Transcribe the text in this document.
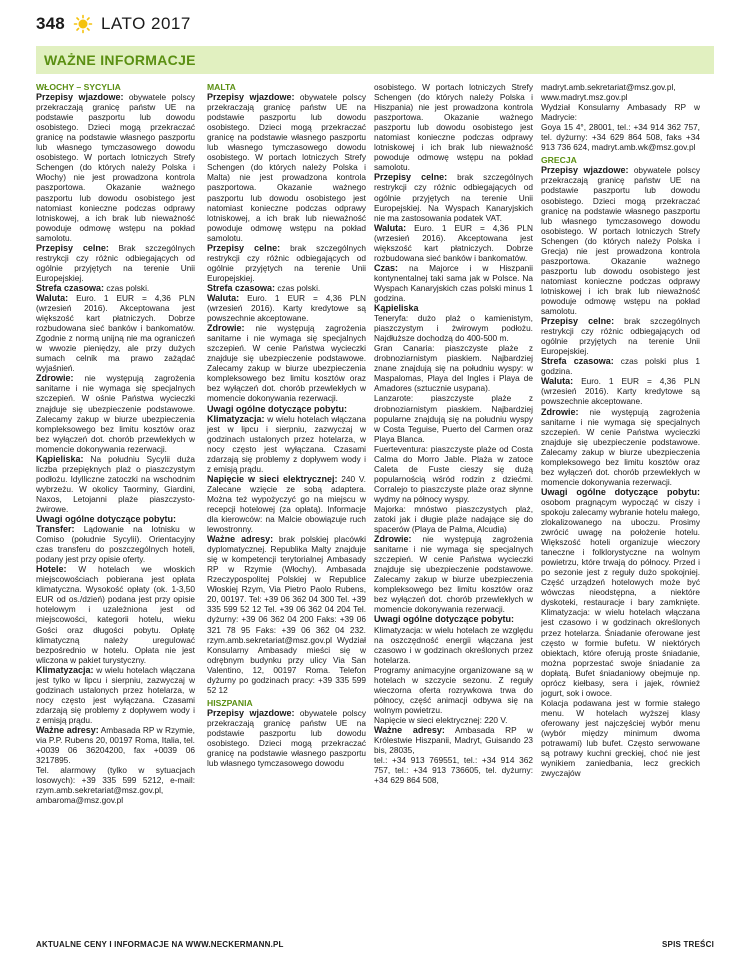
348 LATO 2017
WAŻNE INFORMACJE

WŁOCHY – SYCYLIA

Przepisy wjazdowe: obywatele polscy przekraczają granicę państw UE na podstawie paszportu lub dowodu osobistego. Dzieci mogą przekraczać granicę na podstawie własnego paszportu lub własnego tymczasowego dowodu osobistego. W portach lotniczych Strefy Schengen (do których należy Polska i Włochy) nie jest prowadzona kontrola paszportowa. Okazanie ważnego paszportu lub dowodu osobistego jest natomiast konieczne podczas odprawy lotniskowej, a ich brak lub nieważność powoduje odmowę wstępu na pokład samolotu.

Przepisy celne: Brak szczególnych restrykcji czy różnic odbiegających od ogólnie przyjętych na terenie Unii Europejskiej.

Strefa czasowa: czas polski.

Waluta: Euro. 1 EUR = 4,36 PLN (wrzesień 2016). Akceptowana jest większość kart płatniczych. Dobrze rozbudowana sieć banków i bankomatów. Zgodnie z normą unijną nie ma ograniczeń w wwozie pieniędzy, ale przy dużych sumach celnik ma prawo zażądać wyjaśnień.

Zdrowie: nie występują zagrożenia sanitarne i nie wymaga się specjalnych szczepień. W ośnie Państwa wycieczki znajduje się ubezpieczenie podstawowe. Zalecamy zakup w biurze ubezpieczenia kompleksowego bez limitu kosztów oraz bez wyłączeń dot. chorób przewlekłych w momencie dokonywania rezerwacji.

Kąpieliska: Na południu Sycylii duża liczba przepięknych plaż o piaszczystym podłożu. Idylliczne zatoczki na wschodnim wybrzeżu. W okolicy Taorminy, Giardini, Naxos, Letojanni plaże piaszczysto-żwirowe.

Uwagi ogólne dotyczące pobytu:

Transfer: Lądowanie na lotnisku w Comiso (południe Sycylii). Orientacyjny czas transferu do poszczególnych hoteli, podany jest przy opisie oferty.

Hotele: W hotelach we włoskich miejscowościach pobierana jest opłata klimatyczna. Wysokość opłaty (ok. 1-3,50 EUR od os./dzień) podana jest przy opisie hotelowym i uzależniona jest od miejscowości, kategorii hotelu, wieku Gości oraz długości pobytu. Opłatę klimatyczną należy uregulować bezpośrednio w hotelu. Opłata nie jest wliczona w pakiet turystyczny.

Klimatyzacja: w wielu hotelach włączana jest tylko w lipcu i sierpniu, zazwyczaj w godzinach ustalonych przez hotelarza, w nocy często jest wyłączana. Czasami zdarzają się problemy z dopływem wody i z emisją prądu.

Ważne adresy: Ambasada RP w Rzymie, via P.P. Rubens 20, 00197 Roma, Italia, tel. +0039 06 36204200, fax +0039 06 3217895.
Tel. alarmowy (tylko w sytuacjach losowych): +39 335 599 5212, e-mail: rzym.amb.sekretariat@msz.gov.pl, ambaroma@msz.gov.pl

MALTA

Przepisy wjazdowe: obywatele polscy przekraczają granicę państw UE na podstawie paszportu lub dowodu osobistego. Dzieci mogą przekraczać granicę na podstawie własnego paszportu lub własnego tymczasowego dowodu osobistego. W portach lotniczych Strefy Schengen (do których należy Polska i Malta) nie jest prowadzona kontrola paszportowa. Okazanie ważnego paszportu lub dowodu osobistego jest natomiast konieczne podczas odprawy lotniskowej, a ich brak lub nieważność powoduje odmowę wstępu na pokład samolotu.

Przepisy celne: brak szczególnych restrykcji czy różnic odbiegających od ogólnie przyjętych na terenie Unii Europejskiej.

Strefa czasowa: czas polski.

Waluta: Euro. 1 EUR = 4,36 PLN (wrzesień 2016). Karty kredytowe są powszechnie akceptowane.

Zdrowie: nie występują zagrożenia sanitarne i nie wymaga się specjalnych szczepień. W cenie Państwa wycieczki znajduje się ubezpieczenie podstawowe. Zalecamy zakup w biurze ubezpieczenia kompleksowego bez limitu kosztów oraz bez wyłączeń dot. chorób przewlekłych w momencie dokonywania rezerwacji.

Uwagi ogólne dotyczące pobytu:

Klimatyzacja: w wielu hotelach włączana jest w lipcu i sierpniu, zazwyczaj w godzinach ustalonych przez hotelarza, w nocy często jest wyłączana. Czasami zdarzają się problemy z dopływem wody i z emisją prądu.

Napięcie w sieci elektrycznej: 240 V. Zalecane wzięcie ze sobą adaptera. Można też wypożyczyć go na miejscu w recepcji hotelowej (za opłatą). Informacje dla kierowców: na Malcie obowiązuje ruch lewostronny.

Ważne adresy: brak polskiej placówki dyplomatycznej. Republika Malty znajduje się w kompetencji terytorialnej Ambasady RP w Rzymie (Włochy). Ambasada Rzeczypospolitej Polskiej w Republice Włoskiej Rzym, Via Pietro Paolo Rubens, 20, 00197. Tel: +39 06 362 04 300 Tel. +39 335 599 52 12 Tel. +39 06 362 04 204 Tel. dyżurny: +39 06 362 04 200 Faks: +39 06 321 78 95 Faks: +39 06 362 04 232. rzym.amb.sekretariat@msz.gov.pl Wydział Konsularny Ambasady mieści się w odrębnym budynku przy ulicy Via San Valentino, 12, 00197 Roma. Telefon dyżurny po godzinach pracy: +39 335 599 52 12

HISZPANIA

Przepisy wjazdowe: obywatele polscy przekraczają granicę państw UE na podstawie paszportu lub dowodu osobistego. Dzieci mogą przekraczać granicę na podstawie własnego paszportu lub własnego tymczasowego dowodu

osobistego. W portach lotniczych Strefy Schengen (do których należy Polska i Hiszpania) nie jest prowadzona kontrola paszportowa. Okazanie ważnego paszportu lub dowodu osobistego jest natomiast konieczne podczas odprawy lotniskowej i ich brak lub nieważność powoduje odmowę wstępu na pokład samolotu.

Przepisy celne: brak szczególnych restrykcji czy różnic odbiegających od ogólnie przyjętych na terenie Unii Europejskiej. Na Wyspach Kanaryjskich nie ma zastosowania podatek VAT.

Waluta: Euro. 1 EUR = 4,36 PLN (wrzesień 2016). Akceptowana jest większość kart płatniczych. Dobrze rozbudowana sieć banków i bankomatów.

Czas: na Majorce i w Hiszpanii kontynentalnej taki sama jak w Polsce. Na Wyspach Kanaryjskich czas polski minus 1 godzina.

Kąpieliska

Teneryfa: dużo plaż o kamienistym, piaszczystym i żwirowym podłożu. Najdłuższe dochodzą do 400-500 m.

Gran Canaria: piaszczyste plaże z drobnoziarnistym piaskiem. Najbardziej znane znajdują się na południu wyspy: w Maspalomas, Playa del Ingles i Playa de Amadores (sztucznie usypana).

Lanzarote: piaszczyste plaże z drobnoziarnistym piaskiem. Najbardziej popularne znajdują się na południu wyspy w Costa Teguise, Puerto del Carmen oraz Playa Blanca.

Fuerteventura: piaszczyste plaże od Costa Calma do Morro Jable. Plaża w zatoce Caleta de Fuste cieszy się dużą popularnością wśród rodzin z dziećmi. Corralejo to piaszczyste plaże oraz słynne wydmy na północy wyspy.

Majorka: mnóstwo piaszczystych plaż, zatoki jak i długie plaże nadające się do spacerów (Playa de Palma, Alcudia)

Zdrowie: nie występują zagrożenia sanitarne i nie wymaga się specjalnych szczepień. W cenie Państwa wycieczki znajduje się ubezpieczenie podstawowe. Zalecamy zakup w biurze ubezpieczenia kompleksowego bez limitu kosztów oraz bez wyłączeń dot. chorób przewlekłych w momencie dokonywania rezerwacji.

Uwagi ogólne dotyczące pobytu:

Klimatyzacja: w wielu hotelach ze względu na oszczędność energii włączana jest czasowo i w godzinach określonych przez hotelarza.

Programy animacyjne organizowane są w hotelach w szczycie sezonu. Z reguły wieczorna oferta rozrywkowa trwa do północy, część animacji odbywa się na wolnym powietrzu.

Napięcie w sieci elektrycznej: 220 V.

Ważne adresy: Ambasada RP w Królestwie Hiszpanii, Madryt, Guisando 23 bis, 28035,

tel.: +34 913 769551, tel.: +34 914 362 757, tel.: +34 913 736605, tel. dyżurny: +34 629 864 508,

madryt.amb.sekretariat@msz.gov.pl, www.madryt.msz.gov.pl

Wydział Konsularny Ambasady RP w Madrycie:

Goya 15 4°, 28001, tel.: +34 914 362 757, tel. dyżurny: +34 629 864 508, faks +34 913 736 624, madryt.amb.wk@msz.gov.pl

GRECJA

Przepisy wjazdowe: obywatele polscy przekraczają granicę państw UE na podstawie paszportu lub dowodu osobistego. Dzieci mogą przekraczać granicę na podstawie własnego paszportu lub własnego tymczasowego dowodu osobistego. W portach lotniczych Strefy Schengen (do których należy Polska i Grecja) nie jest prowadzona kontrola paszportowa. Okazanie ważnego paszportu lub dowodu osobistego jest natomiast konieczne podczas odprawy lotniskowej i ich brak lub nieważność powoduje odmowę wstępu na pokład samolotu.

Przepisy celne: brak szczególnych restrykcji czy różnic odbiegających od ogólnie przyjętych na terenie Unii Europejskiej.

Strefa czasowa: czas polski plus 1 godzina.

Waluta: Euro. 1 EUR = 4,36 PLN (wrzesień 2016). Karty kredytowe są powszechnie akceptowane.

Zdrowie: nie występują zagrożenia sanitarne i nie wymaga się specjalnych szczepień. W cenie Państwa wycieczki znajduje się ubezpieczenie podstawowe. Zalecamy zakup w biurze ubezpieczenia kompleksowego bez limitu kosztów oraz bez wyłączeń dot. chorób przewlekłych w momencie dokonywania rezerwacji.

Uwagi ogólne dotyczące pobytu: osobom pragnącym wypocząć w ciszy i spokoju zalecamy wybranie hotelu małego, zlokalizowanego na uboczu. Prosimy zwrócić uwagę na położenie hotelu. Większość hoteli organizuje wieczory taneczne i folklorystyczne na wolnym powietrzu, które trwają do północy. Przed i po sezonie jest z reguły dużo spokojniej. Część urządzeń hotelowych może być wówczas nieodstępna, a niektóre dyskoteki, restauracje i bary zamknięte. Klimatyzacja: w wielu hotelach włączana jest czasowo i w godzinach określonych przez hotelarza. Śniadanie oferowane jest często w formie bufetu. W niektórych obiektach, które oferują proste śniadanie, można poprzestać swoje śniadanie za dopłatą. Bufet śniadaniowy obejmuje np. oprócz kiełbasy, sera i jajek, również jogurt, sok i owoce.

Kolacja podawana jest w formie stałego menu. W hotelach wyższej klasy oferowany jest najczęściej wybór menu (wybór między minimum dwoma potrawami) lub bufet. Często serwowane są potrawy kuchni greckiej, choć nie jest wynikiem zaniedbania, lecz greckich zwyczajów

AKTUALNE CENY I INFORMACJE NA WWW.NECKERMANN.PL	SPIS TREŚCI
